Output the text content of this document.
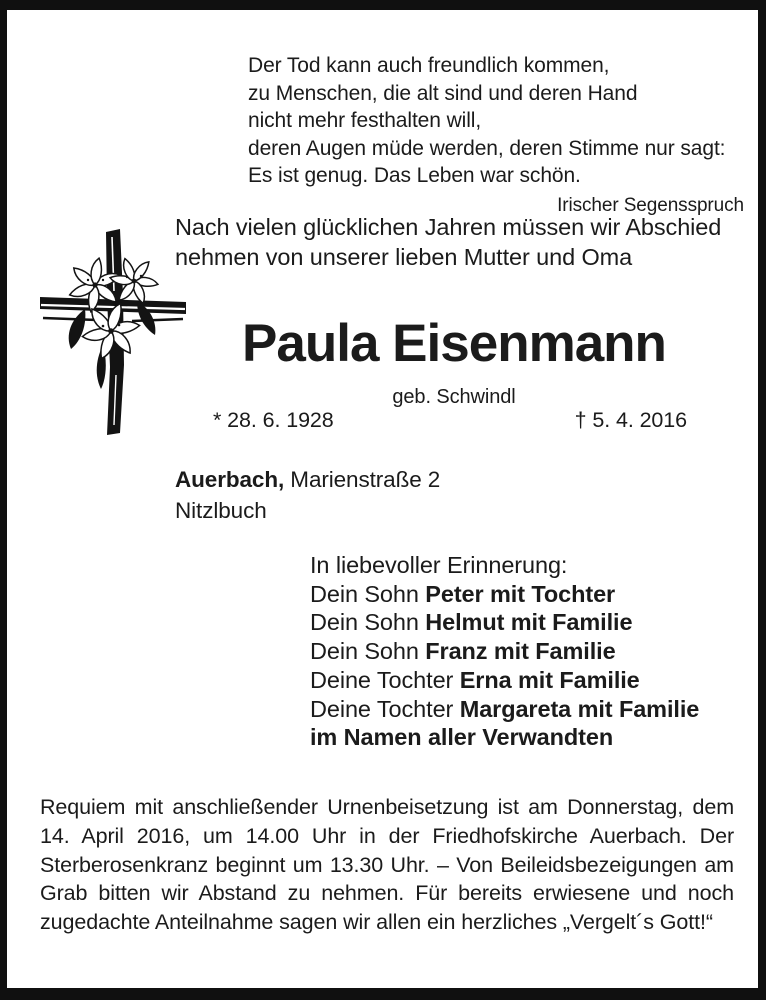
Der Tod kann auch freundlich kommen,
zu Menschen, die alt sind und deren Hand
nicht mehr festhalten will,
deren Augen müde werden, deren Stimme nur sagt:
Es ist genug. Das Leben war schön.
Irischer Segensspruch
Nach vielen glücklichen Jahren müssen wir Abschied nehmen von unserer lieben Mutter und Oma
Paula Eisenmann
geb. Schwindl
* 28. 6. 1928	† 5. 4. 2016
Auerbach, Marienstraße 2
Nitzlbuch
In liebevoller Erinnerung:
Dein Sohn Peter mit Tochter
Dein Sohn Helmut mit Familie
Dein Sohn Franz mit Familie
Deine Tochter Erna mit Familie
Deine Tochter Margareta mit Familie
im Namen aller Verwandten
Requiem mit anschließender Urnenbeisetzung ist am Donnerstag, dem 14. April 2016, um 14.00 Uhr in der Friedhofskirche Auerbach. Der Sterberosenkranz beginnt um 13.30 Uhr. – Von Beileidsbezeigungen am Grab bitten wir Abstand zu nehmen. Für bereits erwiesene und noch zugedachte Anteilnahme sagen wir allen ein herzliches „Vergelt´s Gott!“
